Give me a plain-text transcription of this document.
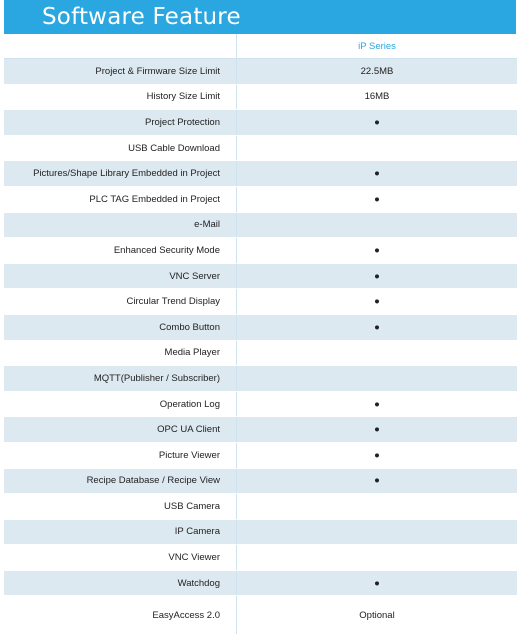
Software Feature
	iP Series
Project & Firmware Size Limit	22.5MB
History Size Limit	16MB
Project Protection	●
USB Cable Download	
Pictures/Shape Library Embedded in Project	●
PLC TAG Embedded in Project	●
e-Mail	
Enhanced Security Mode	●
VNC Server	●
Circular Trend Display	●
Combo Button	●
Media Player	
MQTT(Publisher / Subscriber)	
Operation Log	●
OPC UA Client	●
Picture Viewer	●
Recipe Database / Recipe View	●
USB Camera	
IP Camera	
VNC Viewer	
Watchdog	●
EasyAccess 2.0	Optional
